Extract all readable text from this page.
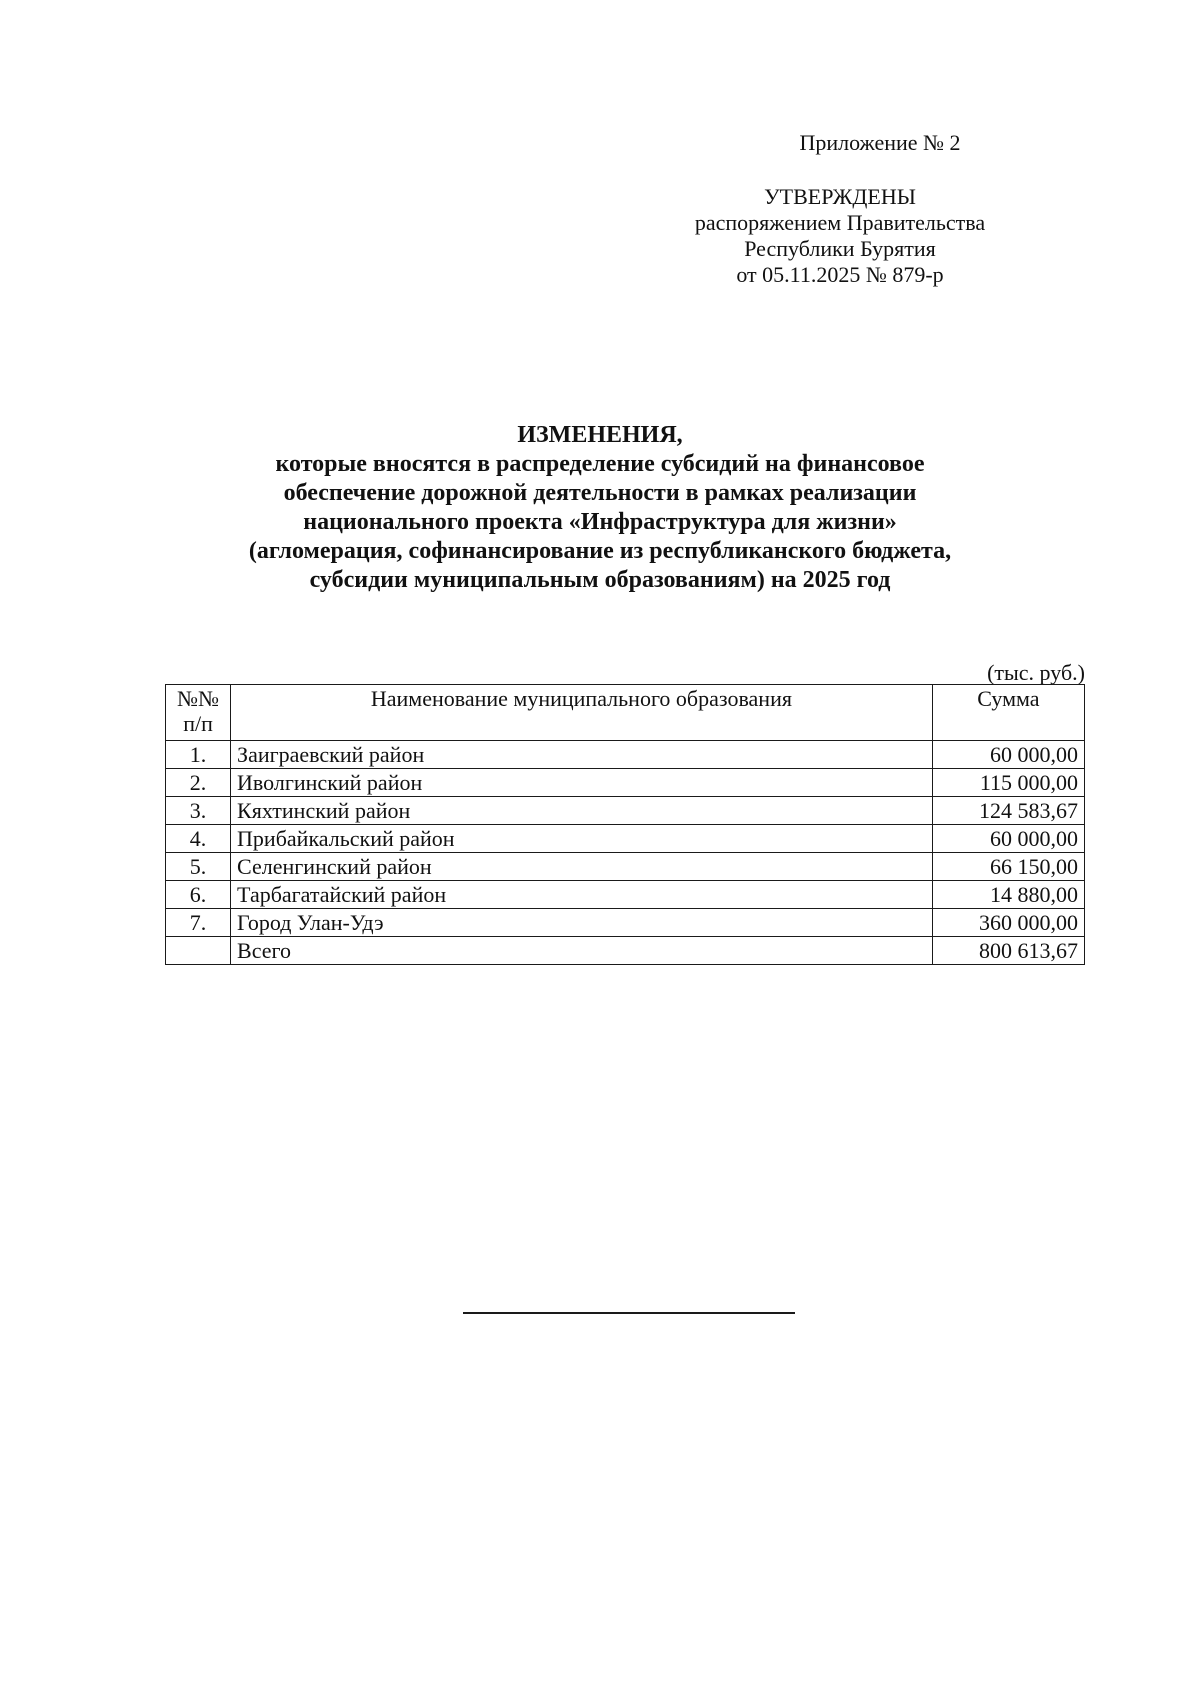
Приложение № 2
УТВЕРЖДЕНЫ
распоряжением Правительства
Республики Бурятия
от 05.11.2025 № 879-р
ИЗМЕНЕНИЯ,
которые вносятся в распределение субсидий на финансовое
обеспечение дорожной деятельности в рамках реализации
национального проекта «Инфраструктура для жизни»
(агломерация, софинансирование из республиканского бюджета,
субсидии муниципальным образованиям) на 2025 год
(тыс. руб.)
№№
п/п	Наименование муниципального образования	Сумма
1.	Заиграевский район	60 000,00
2.	Иволгинский район	115 000,00
3.	Кяхтинский район	124 583,67
4.	Прибайкальский район	60 000,00
5.	Селенгинский район	66 150,00
6.	Тарбагатайский район	14 880,00
7.	Город Улан-Удэ	360 000,00
	Всего	800 613,67
